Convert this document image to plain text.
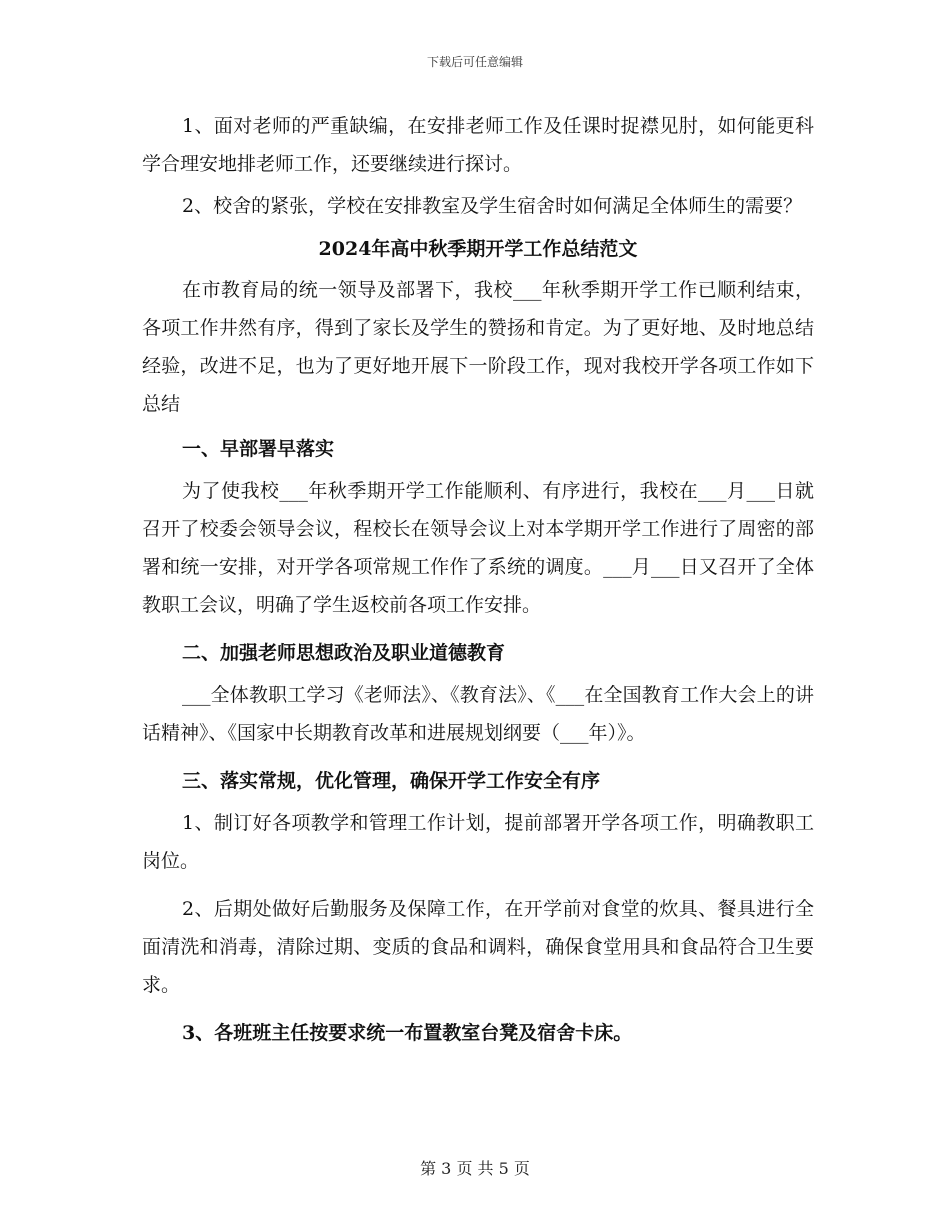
下载后可任意编辑

1、面对老师的严重缺编，在安排老师工作及任课时捉襟见肘，如何能更科学合理安地排老师工作，还要继续进行探讨。

2、校舍的紧张，学校在安排教室及学生宿舍时如何满足全体师生的需要？

2024年高中秋季期开学工作总结范文

在市教育局的统一领导及部署下，我校___年秋季期开学工作已顺利结束，各项工作井然有序，得到了家长及学生的赞扬和肯定。为了更好地、及时地总结经验，改进不足，也为了更好地开展下一阶段工作，现对我校开学各项工作如下总结

一、早部署早落实

为了使我校___年秋季期开学工作能顺利、有序进行，我校在___月___日就召开了校委会领导会议，程校长在领导会议上对本学期开学工作进行了周密的部署和统一安排，对开学各项常规工作作了系统的调度。___月___日又召开了全体教职工会议，明确了学生返校前各项工作安排。

二、加强老师思想政治及职业道德教育

___全体教职工学习《老师法》、《教育法》、《___在全国教育工作大会上的讲话精神》、《国家中长期教育改革和进展规划纲要（___年）》。

三、落实常规，优化管理，确保开学工作安全有序

1、制订好各项教学和管理工作计划，提前部署开学各项工作，明确教职工岗位。

2、后期处做好后勤服务及保障工作，在开学前对食堂的炊具、餐具进行全面清洗和消毒，清除过期、变质的食品和调料，确保食堂用具和食品符合卫生要求。

3、各班班主任按要求统一布置教室台凳及宿舍卡床。
第 3 页 共 5 页
